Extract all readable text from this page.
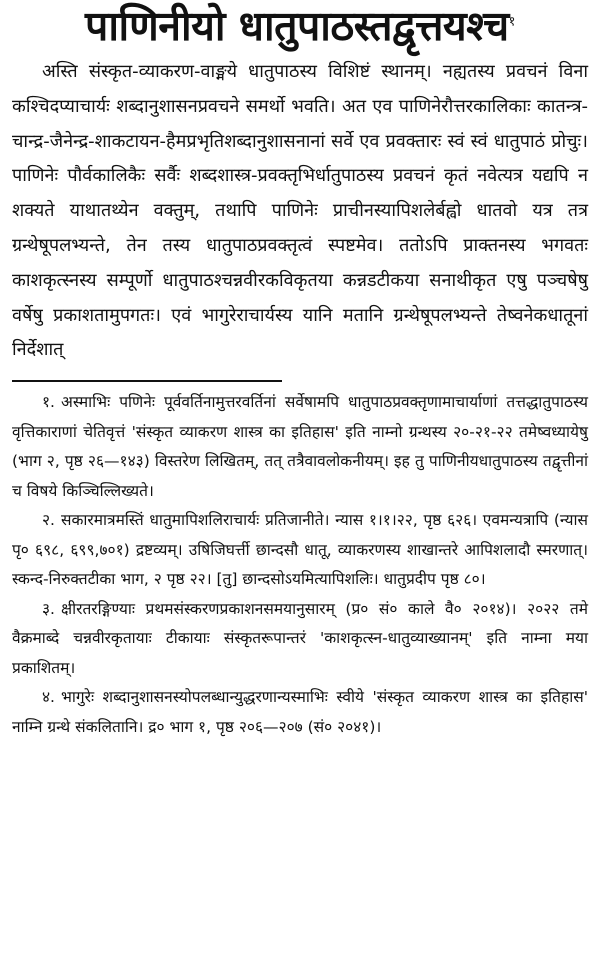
पाणिनीयो धातुपाठस्तद्वृत्तयश्च$^१$

अस्ति संस्कृत-व्याकरण-वाङ्मये धातुपाठस्य विशिष्टं स्थानम्। नह्यतस्य प्रवचनं विना कश्चिदप्याचार्यः शब्दानुशासनप्रवचने समर्थो भवति। अत एव पाणिनेरौत्तरकालिकाः कातन्त्र-चान्द्र-जैनेन्द्र-शाकटायन-हैमप्रभृतिशब्दानुशासनानां सर्वे एव प्रवक्तारः स्वं स्वं धातुपाठं प्रोचुः। पाणिनेः पौर्वकालिकैः सर्वैः शब्दशास्त्र-प्रवक्तृभिर्धातुपाठस्य प्रवचनं कृतं नवेत्यत्र यद्यपि न शक्यते याथातथ्येन वक्तुम्, तथापि पाणिनेः प्राचीनस्यापिशलेर्बह्वो धातवो यत्र तत्र ग्रन्थेषूपलभ्यन्ते, तेन तस्य धातुपाठप्रवक्तृत्वं स्पष्टमेव। ततोऽपि प्राक्तनस्य भगवतः काशकृत्स्नस्य सम्पूर्णो धातुपाठश्चन्नवीरकविकृतया कन्नडटीकया सनाथीकृत एषु पञ्चषेषु वर्षेषु प्रकाशतामुपगतः। एवं भागुरेराचार्यस्य यानि मतानि ग्रन्थेषूपलभ्यन्ते तेष्वनेकधातूनां निर्देशात्

१. अस्माभिः पणिनेः पूर्ववर्तिनामुत्तरवर्तिनां सर्वेषामपि धातुपाठप्रवक्तृणामाचार्याणां तत्तद्धातुपाठस्य वृत्तिकाराणां चेतिवृत्तं 'संस्कृत व्याकरण शास्त्र का इतिहास' इति नाम्नो ग्रन्थस्य २०-२१-२२ तमेष्वध्यायेषु (भाग २, पृष्ठ २६—१४३) विस्तरेण लिखितम्, तत् तत्रैवावलोकनीयम्। इह तु पाणिनीयधातुपाठस्य तद्वृत्तीनां च विषये किञ्चिल्लिख्यते।

२. सकारमात्रमस्तिं धातुमापिशलिराचार्यः प्रतिजानीते। न्यास १।१।२२, पृष्ठ ६२६। एवमन्यत्रापि (न्यास पृ० ६९८, ६९९,७०१) द्रष्टव्यम्। उषिजिघर्त्ती छान्दसौ धातू, व्याकरणस्य शाखान्तरे आपिशलादौ स्मरणात्। स्कन्द-निरुक्तटीका भाग, २ पृष्ठ २२। [तु] छान्दसोऽयमित्यापिशलिः। धातुप्रदीप पृष्ठ ८०।

३. क्षीरतरङ्गिण्याः प्रथमसंस्करणप्रकाशनसमयानुसारम् (प्र० सं० काले वै० २०१४)। २०२२ तमे वैक्रमाब्दे चन्नवीरकृतायाः टीकायाः संस्कृतरूपान्तरं 'काशकृत्स्न-धातुव्याख्यानम्' इति नाम्ना मया प्रकाशितम्।

४. भागुरेः शब्दानुशासनस्योपलब्धान्युद्धरणान्यस्माभिः स्वीये 'संस्कृत व्याकरण शास्त्र का इतिहास' नाम्नि ग्रन्थे संकलितानि। द्र० भाग १, पृष्ठ २०६—२०७ (सं० २०४१)।
